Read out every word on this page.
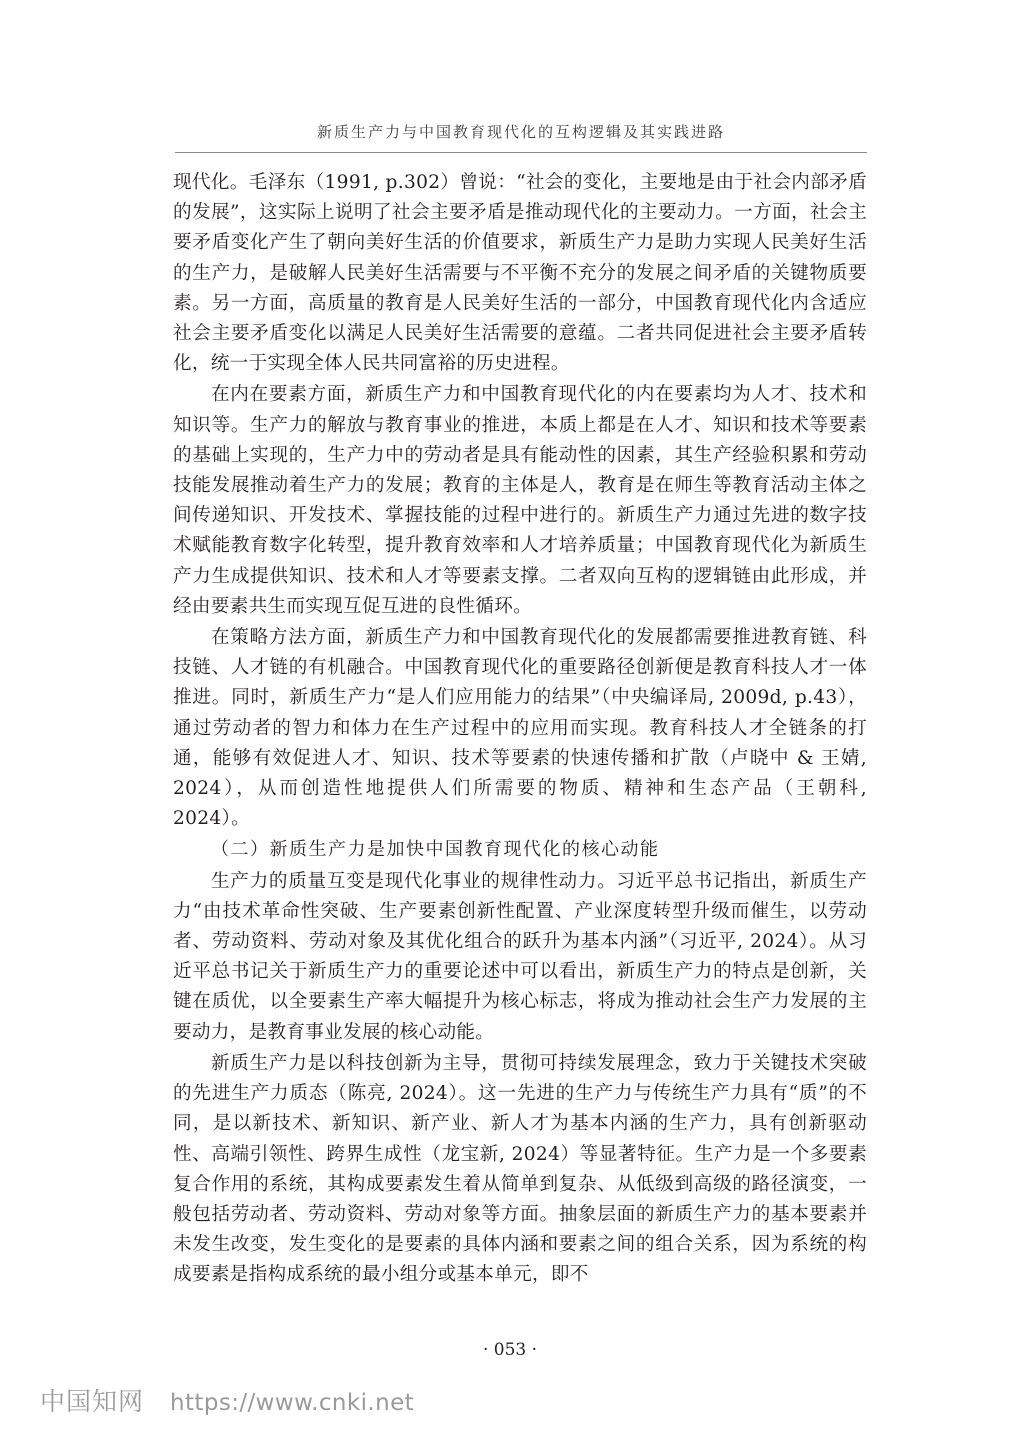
新质生产力与中国教育现代化的互构逻辑及其实践进路

现代化。毛泽东（1991, p.302）曾说：“社会的变化，主要地是由于社会内部矛盾的发展”，这实际上说明了社会主要矛盾是推动现代化的主要动力。一方面，社会主要矛盾变化产生了朝向美好生活的价值要求，新质生产力是助力实现人民美好生活的生产力，是破解人民美好生活需要与不平衡不充分的发展之间矛盾的关键物质要素。另一方面，高质量的教育是人民美好生活的一部分，中国教育现代化内含适应社会主要矛盾变化以满足人民美好生活需要的意蕴。二者共同促进社会主要矛盾转化，统一于实现全体人民共同富裕的历史进程。

在内在要素方面，新质生产力和中国教育现代化的内在要素均为人才、技术和知识等。生产力的解放与教育事业的推进，本质上都是在人才、知识和技术等要素的基础上实现的，生产力中的劳动者是具有能动性的因素，其生产经验积累和劳动技能发展推动着生产力的发展；教育的主体是人，教育是在师生等教育活动主体之间传递知识、开发技术、掌握技能的过程中进行的。新质生产力通过先进的数字技术赋能教育数字化转型，提升教育效率和人才培养质量；中国教育现代化为新质生产力生成提供知识、技术和人才等要素支撑。二者双向互构的逻辑链由此形成，并经由要素共生而实现互促互进的良性循环。

在策略方法方面，新质生产力和中国教育现代化的发展都需要推进教育链、科技链、人才链的有机融合。中国教育现代化的重要路径创新便是教育科技人才一体推进。同时，新质生产力“是人们应用能力的结果”（中央编译局, 2009d, p.43），通过劳动者的智力和体力在生产过程中的应用而实现。教育科技人才全链条的打通，能够有效促进人才、知识、技术等要素的快速传播和扩散（卢晓中 & 王婧, 2024），从而创造性地提供人们所需要的物质、精神和生态产品（王朝科, 2024）。

（二）新质生产力是加快中国教育现代化的核心动能

生产力的质量互变是现代化事业的规律性动力。习近平总书记指出，新质生产力“由技术革命性突破、生产要素创新性配置、产业深度转型升级而催生，以劳动者、劳动资料、劳动对象及其优化组合的跃升为基本内涵”（习近平, 2024）。从习近平总书记关于新质生产力的重要论述中可以看出，新质生产力的特点是创新，关键在质优，以全要素生产率大幅提升为核心标志，将成为推动社会生产力发展的主要动力，是教育事业发展的核心动能。

新质生产力是以科技创新为主导，贯彻可持续发展理念，致力于关键技术突破的先进生产力质态（陈亮, 2024）。这一先进的生产力与传统生产力具有“质”的不同，是以新技术、新知识、新产业、新人才为基本内涵的生产力，具有创新驱动性、高端引领性、跨界生成性（龙宝新, 2024）等显著特征。生产力是一个多要素复合作用的系统，其构成要素发生着从简单到复杂、从低级到高级的路径演变，一般包括劳动者、劳动资料、劳动对象等方面。抽象层面的新质生产力的基本要素并未发生改变，发生变化的是要素的具体内涵和要素之间的组合关系，因为系统的构成要素是指构成系统的最小组分或基本单元，即不

· 053 ·
中国知网 https://www.cnki.net
